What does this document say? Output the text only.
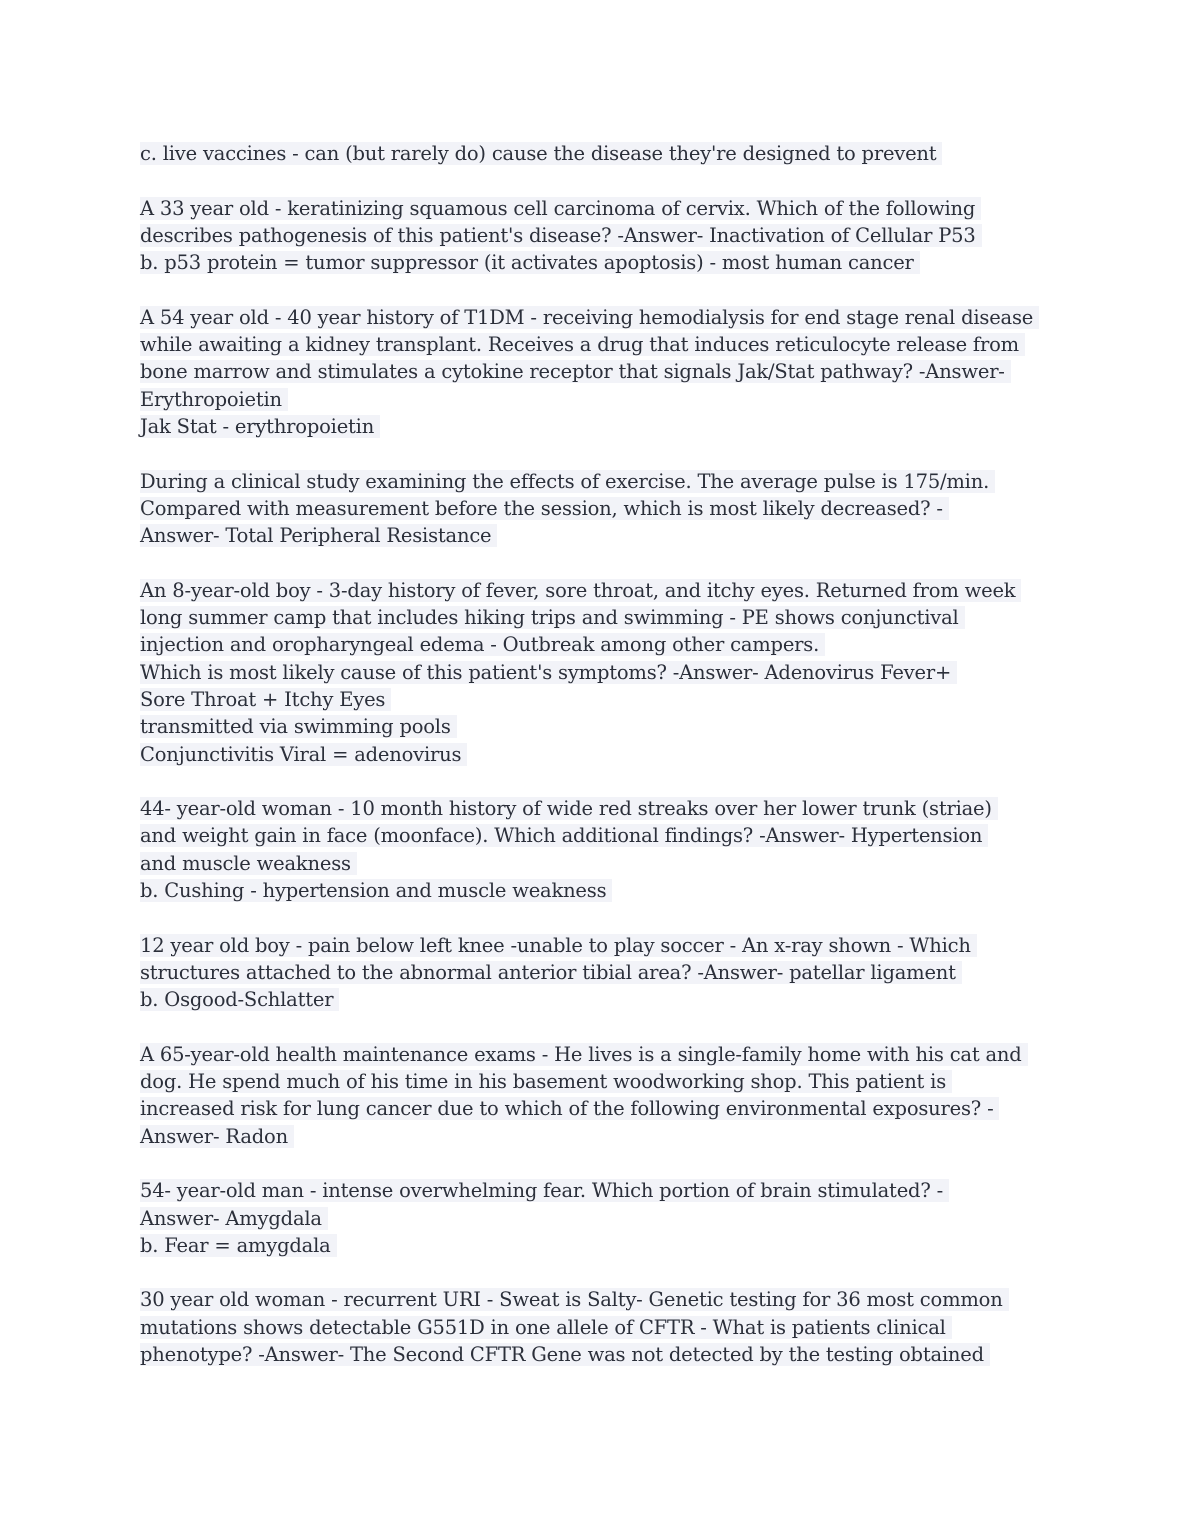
c. live vaccines - can (but rarely do) cause the disease they're designed to prevent
A 33 year old - keratinizing squamous cell carcinoma of cervix. Which of the following
describes pathogenesis of this patient's disease? -Answer- Inactivation of Cellular P53
b. p53 protein = tumor suppressor (it activates apoptosis) - most human cancer
A 54 year old - 40 year history of T1DM - receiving hemodialysis for end stage renal disease
while awaiting a kidney transplant. Receives a drug that induces reticulocyte release from
bone marrow and stimulates a cytokine receptor that signals Jak/Stat pathway? -Answer-
Erythropoietin
Jak Stat - erythropoietin
During a clinical study examining the effects of exercise. The average pulse is 175/min.
Compared with measurement before the session, which is most likely decreased? -
Answer- Total Peripheral Resistance
An 8-year-old boy - 3-day history of fever, sore throat, and itchy eyes. Returned from week
long summer camp that includes hiking trips and swimming - PE shows conjunctival
injection and oropharyngeal edema - Outbreak among other campers.
Which is most likely cause of this patient's symptoms? -Answer- Adenovirus Fever+
Sore Throat + Itchy Eyes
transmitted via swimming pools
Conjunctivitis Viral = adenovirus
44- year-old woman - 10 month history of wide red streaks over her lower trunk (striae)
and weight gain in face (moonface). Which additional findings? -Answer- Hypertension
and muscle weakness
b. Cushing - hypertension and muscle weakness
12 year old boy - pain below left knee -unable to play soccer - An x-ray shown - Which
structures attached to the abnormal anterior tibial area? -Answer- patellar ligament
b. Osgood-Schlatter
A 65-year-old health maintenance exams - He lives is a single-family home with his cat and
dog. He spend much of his time in his basement woodworking shop. This patient is
increased risk for lung cancer due to which of the following environmental exposures? -
Answer- Radon
54- year-old man - intense overwhelming fear. Which portion of brain stimulated? -
Answer- Amygdala
b. Fear = amygdala
30 year old woman - recurrent URI - Sweat is Salty- Genetic testing for 36 most common
mutations shows detectable G551D in one allele of CFTR - What is patients clinical
phenotype? -Answer- The Second CFTR Gene was not detected by the testing obtained
